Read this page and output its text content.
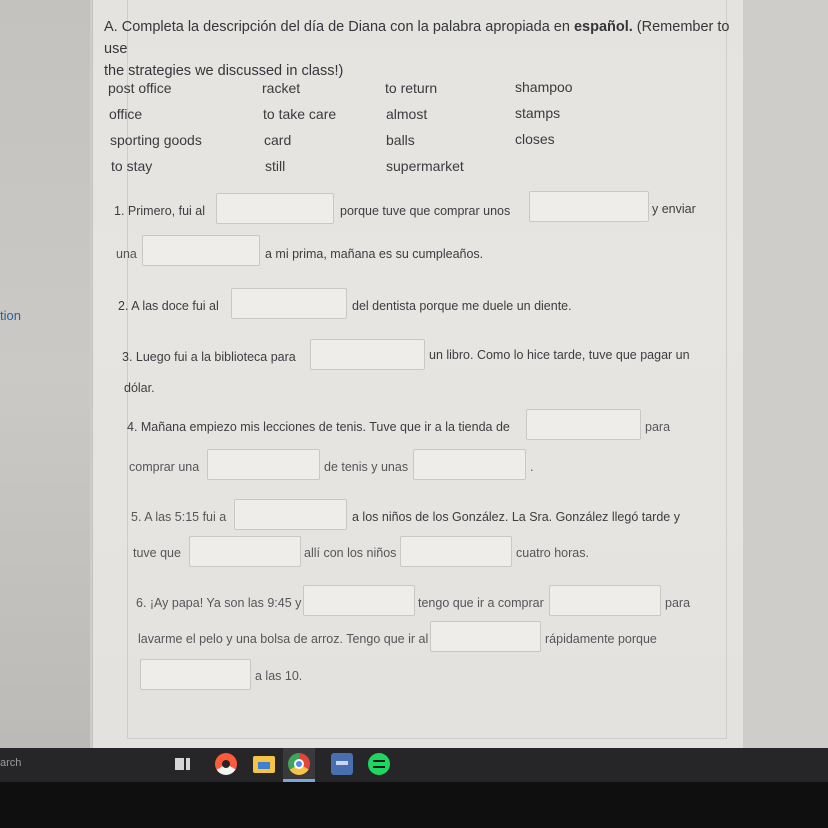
tion
A. Completa la descripción del día de Diana con la palabra apropiada en español. (Remember to use
the strategies we discussed in class!)
post office	racket	to return	shampoo
office	to take care	almost	stamps
sporting goods	card	balls	closes
to stay	still	supermarket
1. Primero, fui al	porque tuve que comprar unos	y enviar
una	a mi prima, mañana es su cumpleaños.
2. A las doce fui al	del dentista porque me duele un diente.
3. Luego fui a la biblioteca para	un libro. Como lo hice tarde, tuve que pagar un
dólar.
4. Mañana empiezo mis lecciones de tenis. Tuve que ir a la tienda de	para
comprar una	de tenis y unas	.
5. A las 5:15 fui a	a los niños de los González. La Sra. González llegó tarde y
tuve que	allí con los niños	cuatro horas.
6. ¡Ay papa! Ya son las 9:45 y	tengo que ir a comprar	para
lavarme el pelo y una bolsa de arroz. Tengo que ir al	rápidamente porque
a las 10.
arch
